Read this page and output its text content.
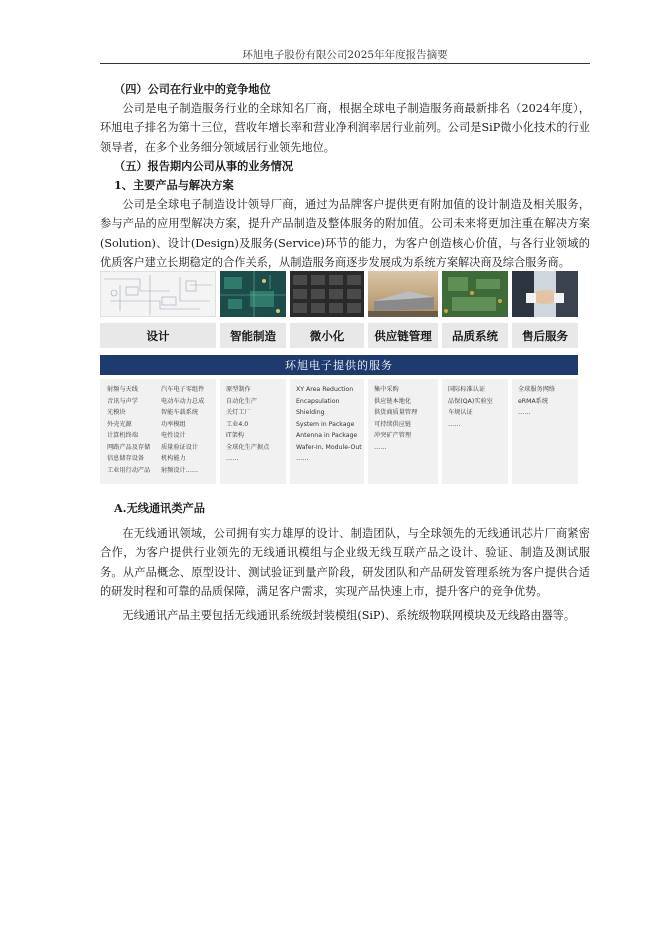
环旭电子股份有限公司2025年年度报告摘要
（四）公司在行业中的竞争地位

公司是电子制造服务行业的全球知名厂商，根据全球电子制造服务商最新排名（2024年度），环旭电子排名为第十三位，营收年增长率和营业净利润率居行业前列。公司是SiP微小化技术的行业领导者，在多个业务细分领域居行业领先地位。

（五）报告期内公司从事的业务情况
1、主要产品与解决方案

公司是全球电子制造设计领导厂商，通过为品牌客户提供更有附加值的设计制造及相关服务，参与产品的应用型解决方案，提升产品制造及整体服务的附加值。公司未来将更加注重在解决方案(Solution)、设计(Design)及服务(Service)环节的能力，为客户创造核心价值，与各行业领域的优质客户建立长期稳定的合作关系，从制造服务商逐步发展成为系统方案解决商及综合服务商。

设计	智能制造	微小化	供应链管理	品质系统	售后服务
环旭电子提供的服务
射频与天线
音讯与声学
光模块
外壳光源
计算机终端
网路产品及存储
信息储存设备
工业用行动产品
汽车电子零组件
电动车动力总成
智能车载系统
功率模组
电性设计
质量验证设计
机构能力
射频设计……
原型制作
自动化生产
关灯工厂
工业4.0
IT架构
全球化生产据点
……
XY Area Reduction
Encapsulation
Shielding
System in Package
Antenna in Package
Wafer-In, Module-Out
……
集中采购
供应链本地化
供货商质量管理
可持续供应链
冲突矿产管理
……
国际标准认证
品保(QA)实验室
车规认证
……
全球服务网络
eRMA系统
……
A.无线通讯类产品

在无线通讯领域，公司拥有实力雄厚的设计、制造团队，与全球领先的无线通讯芯片厂商紧密合作，为客户提供行业领先的无线通讯模组与企业级无线互联产品之设计、验证、制造及测试服务。从产品概念、原型设计、测试验证到量产阶段，研发团队和产品研发管理系统为客户提供合适的研发时程和可靠的品质保障，满足客户需求，实现产品快速上市，提升客户的竞争优势。

无线通讯产品主要包括无线通讯系统级封装模组(SiP)、系统级物联网模块及无线路由器等。
